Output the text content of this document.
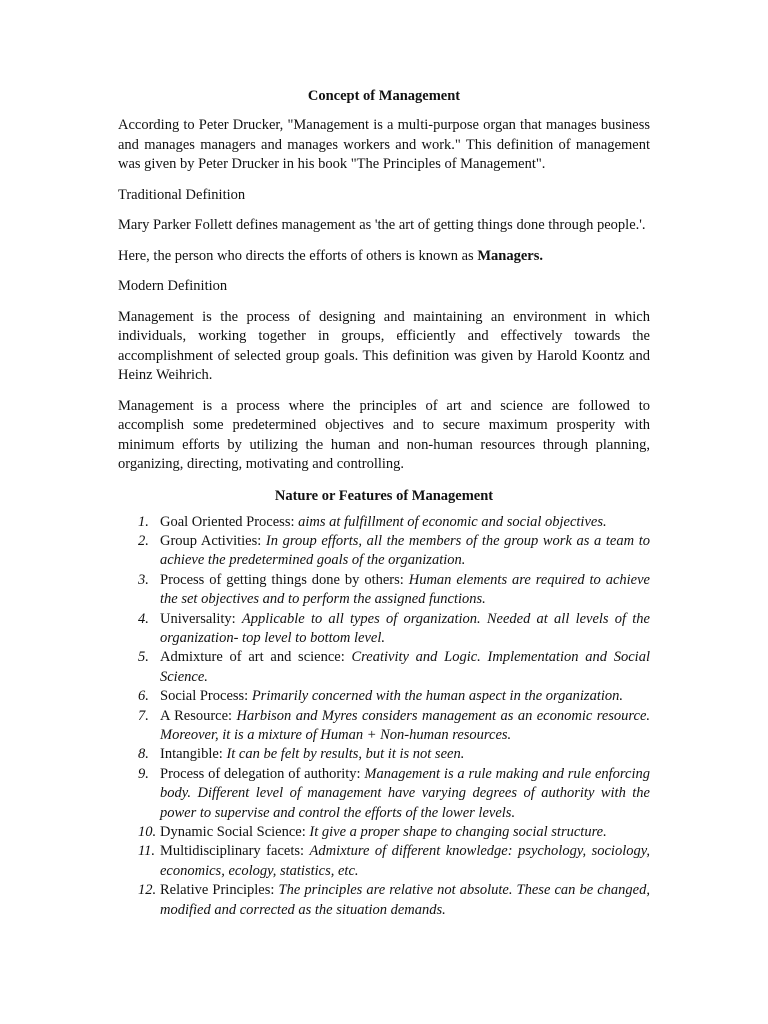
Concept of Management

According to Peter Drucker, "Management is a multi-purpose organ that manages business and manages managers and manages workers and work." This definition of management was given by Peter Drucker in his book "The Principles of Management".

Traditional Definition

Mary Parker Follett defines management as 'the art of getting things done through people.'.

Here, the person who directs the efforts of others is known as Managers.

Modern Definition

Management is the process of designing and maintaining an environment in which individuals, working together in groups, efficiently and effectively towards the accomplishment of selected group goals. This definition was given by Harold Koontz and Heinz Weihrich.

Management is a process where the principles of art and science are followed to accomplish some predetermined objectives and to secure maximum prosperity with minimum efforts by utilizing the human and non-human resources through planning, organizing, directing, motivating and controlling.

Nature or Features of Management
1. Goal Oriented Process: aims at fulfillment of economic and social objectives.
2. Group Activities: In group efforts, all the members of the group work as a team to achieve the predetermined goals of the organization.
3. Process of getting things done by others: Human elements are required to achieve the set objectives and to perform the assigned functions.
4. Universality: Applicable to all types of organization. Needed at all levels of the organization- top level to bottom level.
5. Admixture of art and science: Creativity and Logic. Implementation and Social Science.
6. Social Process: Primarily concerned with the human aspect in the organization.
7. A Resource: Harbison and Myres considers management as an economic resource. Moreover, it is a mixture of Human + Non-human resources.
8. Intangible: It can be felt by results, but it is not seen.
9. Process of delegation of authority: Management is a rule making and rule enforcing body. Different level of management have varying degrees of authority with the power to supervise and control the efforts of the lower levels.
10. Dynamic Social Science: It give a proper shape to changing social structure.
11. Multidisciplinary facets: Admixture of different knowledge: psychology, sociology, economics, ecology, statistics, etc.
12. Relative Principles: The principles are relative not absolute. These can be changed, modified and corrected as the situation demands.
